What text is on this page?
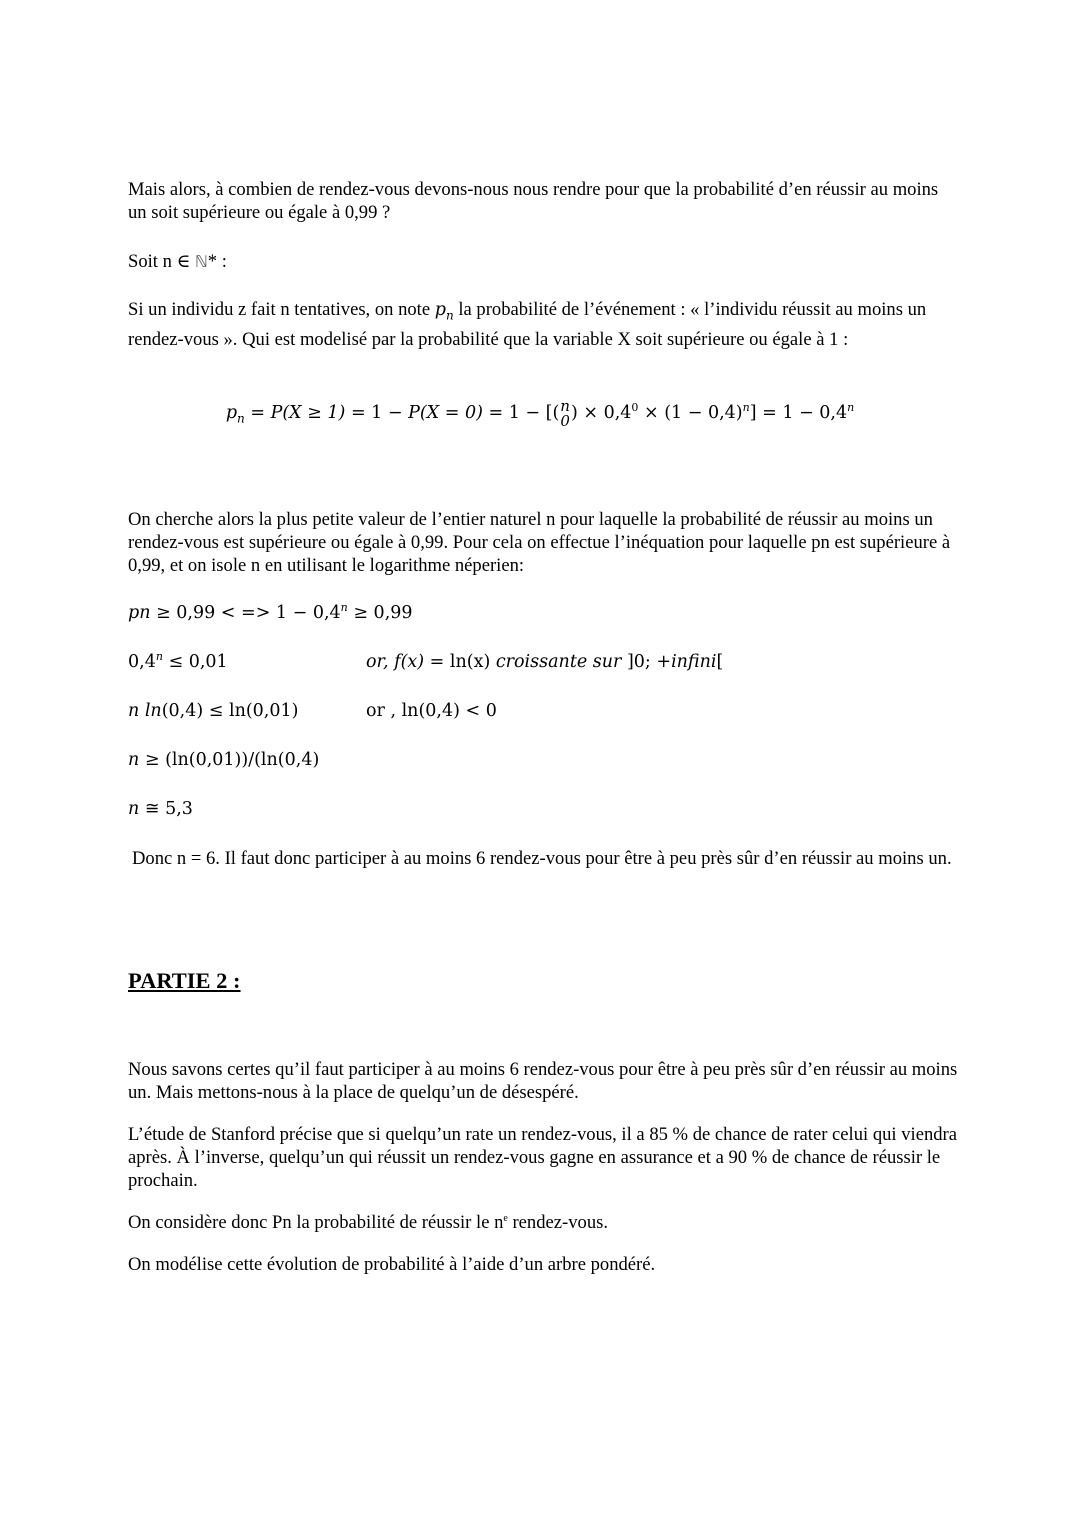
Mais alors, à combien de rendez-vous devons-nous nous rendre pour que la probabilité d’en réussir au moins un soit supérieure ou égale à 0,99 ?

Soit n ∈ ℕ* :

Si un individu z fait n tentatives, on note $p_n$ la probabilité de l’événement : « l’individu réussit au moins un rendez-vous ». Qui est modelisé par la probabilité que la variable X soit supérieure ou égale à 1 :

$p_n = P(X \ge 1) = 1 - P(X = 0) = 1$ − [( n
0 ) × $0,4^0 \times (1 - 0,4)^n] = 1 - 0,4^n$

On cherche alors la plus petite valeur de l’entier naturel n pour laquelle la probabilité de réussir au moins un rendez-vous est supérieure ou égale à 0,99. Pour cela on effectue l’inéquation pour laquelle pn est supérieure à 0,99, et on isole n en utilisant le logarithme néperien:

pn ≥ 0,99 < => $1 - 0,4^n \ge 0,99$

$0,4^n \le 0,01$	or, f(x) = ln(x) croissante sur ]0; +infini[
n ln(0,4) ≤ ln(0,01)	or , ln(0,4) < 0

n ≥ (ln(0,01))/(ln(0,4)

n ≅ 5,3

Donc n = 6. Il faut donc participer à au moins 6 rendez-vous pour être à peu près sûr d’en réussir au moins un.

PARTIE 2 :

Nous savons certes qu’il faut participer à au moins 6 rendez-vous pour être à peu près sûr d’en réussir au moins un. Mais mettons-nous à la place de quelqu’un de désespéré.

L’étude de Stanford précise que si quelqu’un rate un rendez-vous, il a 85 % de chance de rater celui qui viendra après. À l’inverse, quelqu’un qui réussit un rendez-vous gagne en assurance et a 90 % de chance de réussir le prochain.

On considère donc Pn la probabilité de réussir le $n^e$ rendez-vous.

On modélise cette évolution de probabilité à l’aide d’un arbre pondéré.
